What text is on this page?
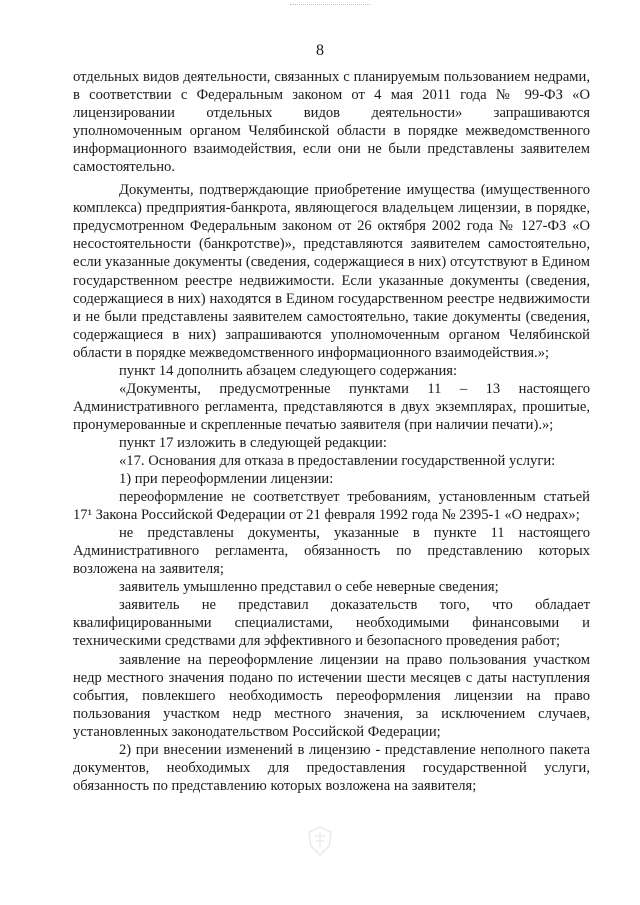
8

отдельных видов деятельности, связанных с планируемым пользованием недрами, в соответствии с Федеральным законом от 4 мая 2011 года № 99-ФЗ «О лицензировании отдельных видов деятельности» запрашиваются уполномоченным органом Челябинской области в порядке межведомственного информационного взаимодействия, если они не были представлены заявителем самостоятельно.

Документы, подтверждающие приобретение имущества (имущественного комплекса) предприятия-банкрота, являющегося владельцем лицензии, в порядке, предусмотренном Федеральным законом от 26 октября 2002 года № 127-ФЗ «О несостоятельности (банкротстве)», представляются заявителем самостоятельно, если указанные документы (сведения, содержащиеся в них) отсутствуют в Едином государственном реестре недвижимости. Если указанные документы (сведения, содержащиеся в них) находятся в Едином государственном реестре недвижимости и не были представлены заявителем самостоятельно, такие документы (сведения, содержащиеся в них) запрашиваются уполномоченным органом Челябинской области в порядке межведомственного информационного взаимодействия.»;

пункт 14 дополнить абзацем следующего содержания:

«Документы, предусмотренные пунктами 11 – 13 настоящего Административного регламента, представляются в двух экземплярах, прошитые, пронумерованные и скрепленные печатью заявителя (при наличии печати).»;

пункт 17 изложить в следующей редакции:

«17. Основания для отказа в предоставлении государственной услуги:

1) при переоформлении лицензии:

переоформление не соответствует требованиям, установленным статьей 17¹ Закона Российской Федерации от 21 февраля 1992 года № 2395-1 «О недрах»;

не представлены документы, указанные в пункте 11 настоящего Административного регламента, обязанность по представлению которых возложена на заявителя;

заявитель умышленно представил о себе неверные сведения;

заявитель не представил доказательств того, что обладает квалифицированными специалистами, необходимыми финансовыми и техническими средствами для эффективного и безопасного проведения работ;

заявление на переоформление лицензии на право пользования участком недр местного значения подано по истечении шести месяцев с даты наступления события, повлекшего необходимость переоформления лицензии на право пользования участком недр местного значения, за исключением случаев, установленных законодательством Российской Федерации;

2) при внесении изменений в лицензию - представление неполного пакета документов, необходимых для предоставления государственной услуги, обязанность по представлению которых возложена на заявителя;
